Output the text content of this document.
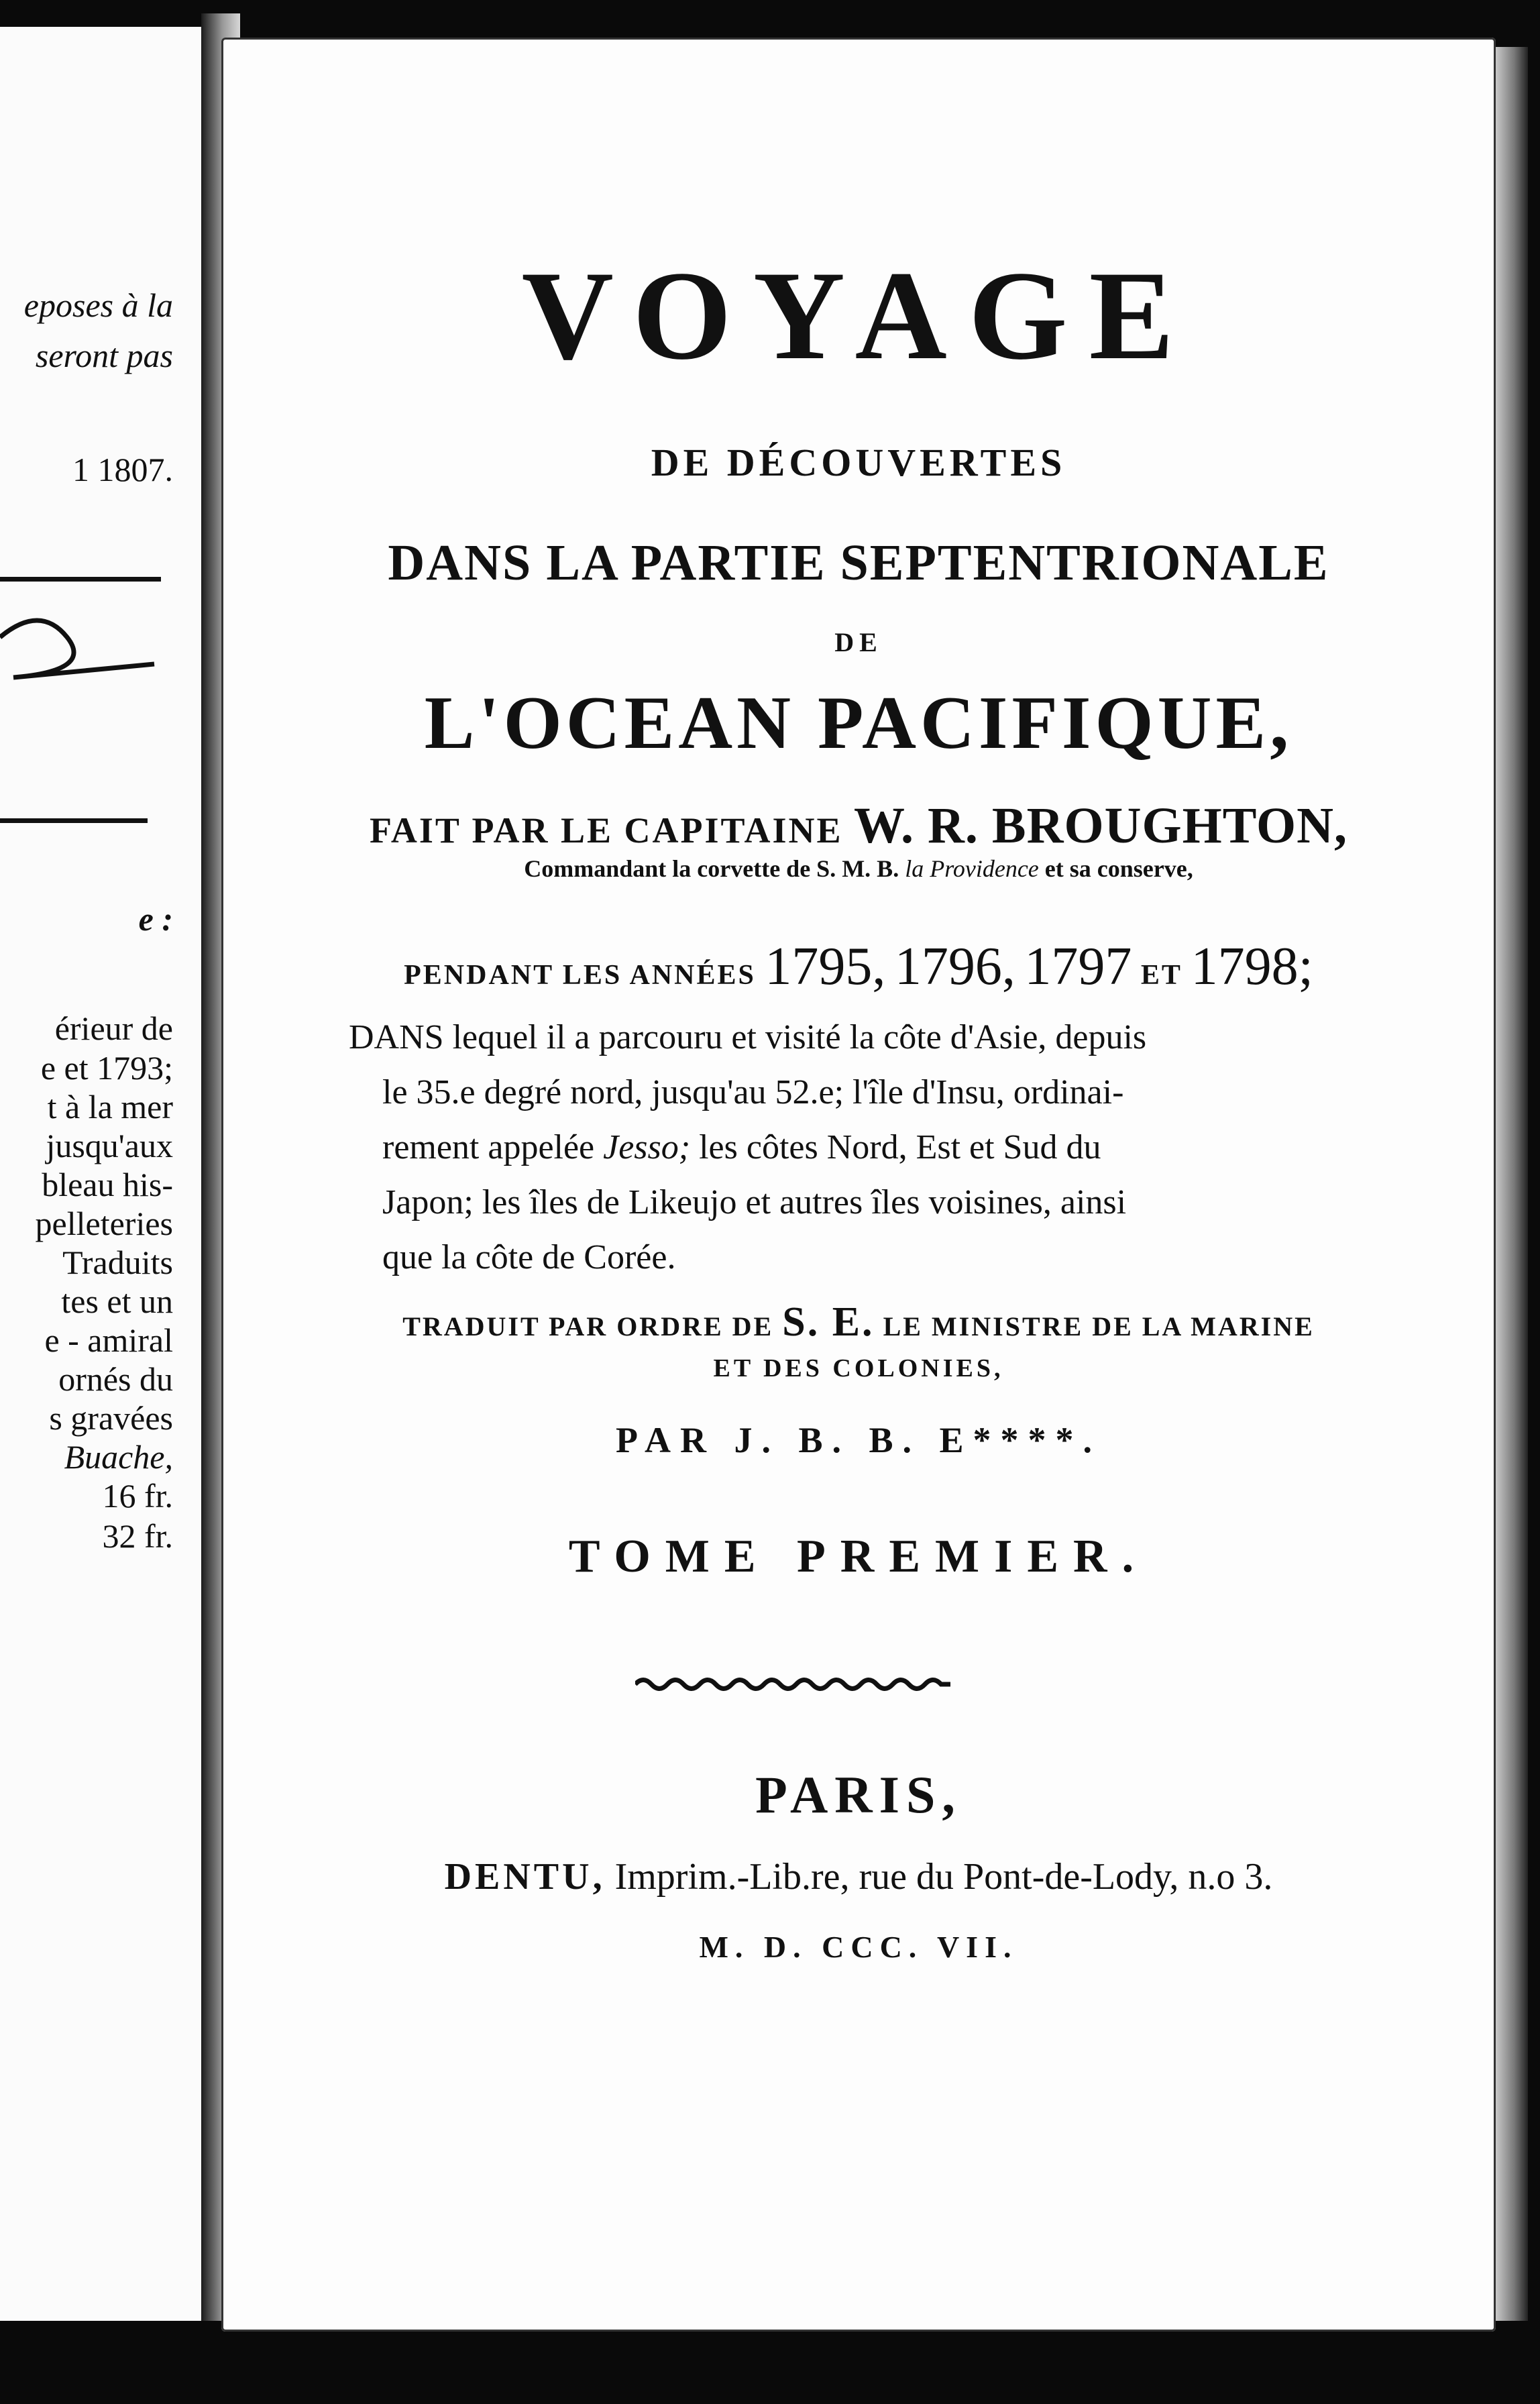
eposes à la
seront pas
1 1807.
e :
érieur de
e et 1793;
t à la mer
jusqu'aux
bleau his-
pelleteries
Traduits
tes et un
e - amiral
ornés du
s gravées
Buache,
16 fr.
32 fr.
VOYAGE
DE DÉCOUVERTES
DANS LA PARTIE SEPTENTRIONALE
DE
L'OCEAN PACIFIQUE,
FAIT PAR LE CAPITAINE W. R. BROUGHTON,
Commandant la corvette de S. M. B. la Providence et sa conserve,
PENDANT LES ANNÉES 1795, 1796, 1797 ET 1798;
DANS lequel il a parcouru et visité la côte d'Asie, depuis
le 35.e degré nord, jusqu'au 52.e; l'île d'Insu, ordinai-
rement appelée Jesso; les côtes Nord, Est et Sud du
Japon; les îles de Likeujo et autres îles voisines, ainsi
que la côte de Corée.
TRADUIT PAR ORDRE DE S. E. LE MINISTRE DE LA MARINE
ET DES COLONIES,
PAR J. B. B. E****.
TOME PREMIER.
PARIS,
DENTU, Imprim.-Lib.re, rue du Pont-de-Lody, n.o 3.
M. D. CCC. VII.
